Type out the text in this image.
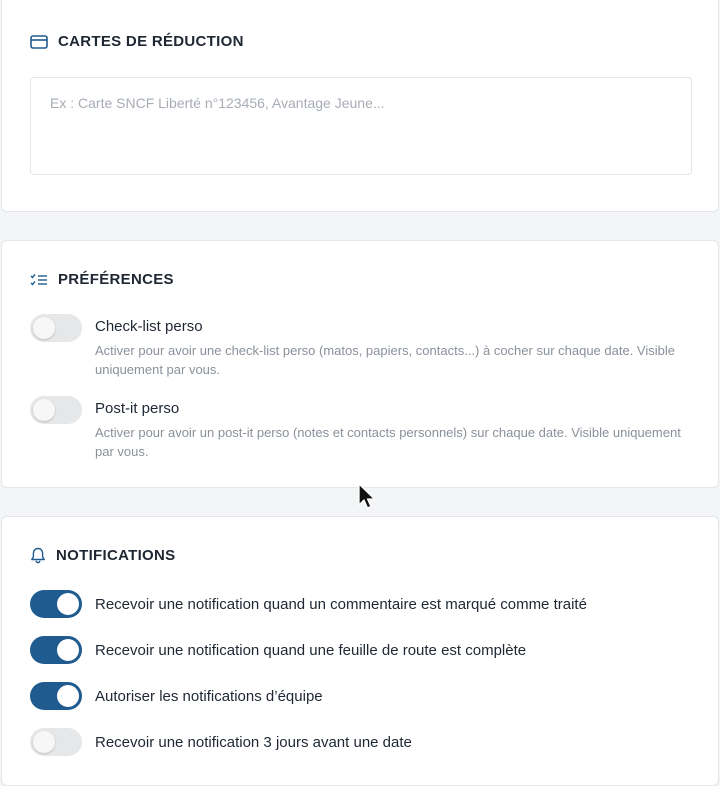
CARTES DE RÉDUCTION
Ex : Carte SNCF Liberté n°123456, Avantage Jeune...
PRÉFÉRENCES
Check-list perso
Activer pour avoir une check-list perso (matos, papiers, contacts...) à cocher sur chaque date. Visible uniquement par vous.
Post-it perso
Activer pour avoir un post-it perso (notes et contacts personnels) sur chaque date. Visible uniquement par vous.
NOTIFICATIONS
Recevoir une notification quand un commentaire est marqué comme traité
Recevoir une notification quand une feuille de route est complète
Autoriser les notifications d’équipe
Recevoir une notification 3 jours avant une date
